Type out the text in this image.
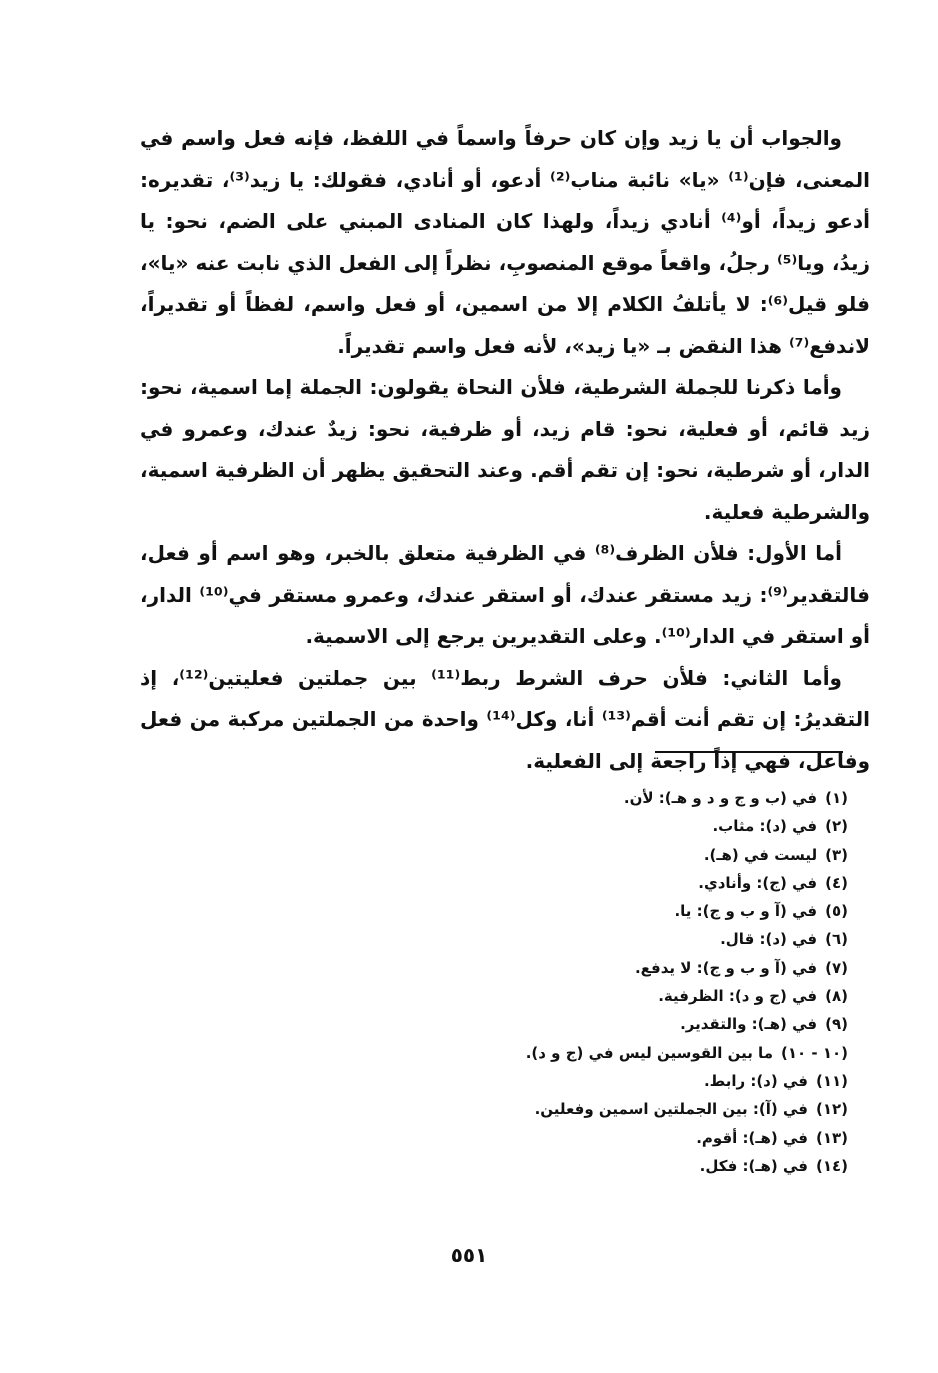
والجواب أن يا زيد وإن كان حرفاً واسماً في اللفظ، فإنه فعل واسم في المعنى، فإن⁽¹⁾ «يا» نائبة مناب⁽²⁾ أدعو، أو أنادي، فقولك: يا زيد⁽³⁾، تقديره: أدعو زيداً، أو⁽⁴⁾ أنادي زيداً، ولهذا كان المنادى المبني على الضم، نحو: يا زيدُ، ويا⁽⁵⁾ رجلُ، واقعاً موقع المنصوبِ، نظراً إلى الفعل الذي نابت عنه «يا»، فلو قيل⁽⁶⁾: لا يأتلفُ الكلام إلا من اسمين، أو فعل واسم، لفظاً أو تقديراً، لاندفع⁽⁷⁾ هذا النقض بـ «يا زيد»، لأنه فعل واسم تقديراً.

وأما ذكرنا للجملة الشرطية، فلأن النحاة يقولون: الجملة إما اسمية، نحو: زيد قائم، أو فعلية، نحو: قام زيد، أو ظرفية، نحو: زيدٌ عندك، وعمرو في الدار، أو شرطية، نحو: إن تقم أقم. وعند التحقيق يظهر أن الظرفية اسمية، والشرطية فعلية.

أما الأول: فلأن الظرف⁽⁸⁾ في الظرفية متعلق بالخبر، وهو اسم أو فعل، فالتقدير⁽⁹⁾: زيد مستقر عندك، أو استقر عندك، وعمرو مستقر في⁽¹⁰⁾ الدار، أو استقر في الدار⁽¹⁰⁾. وعلى التقديرين يرجع إلى الاسمية.

وأما الثاني: فلأن حرف الشرط ربط⁽¹¹⁾ بين جملتين فعليتين⁽¹²⁾، إذ التقديرُ: إن تقم أنت أقم⁽¹³⁾ أنا، وكل⁽¹⁴⁾ واحدة من الجملتين مركبة من فعل وفاعل، فهي إذاً راجعة إلى الفعلية.

(١)في (ب و ج و د و هـ): لأن.
(٢)في (د): مثاب.
(٣)ليست في (هـ).
(٤)في (ج): وأنادي.
(٥)في (آ و ب و ج): يا.
(٦)في (د): قال.
(٧)في (آ و ب و ج): لا يدفع.
(٨)في (ج و د): الظرفية.
(٩)في (هـ): والتقدير.
(١٠ - ١٠)ما بين القوسين ليس في (ج و د).
(١١)في (د): رابط.
(١٢)في (آ): بين الجملتين اسمين وفعلين.
(١٣)في (هـ): أقوم.
(١٤)في (هـ): فكل.
٥٥١
